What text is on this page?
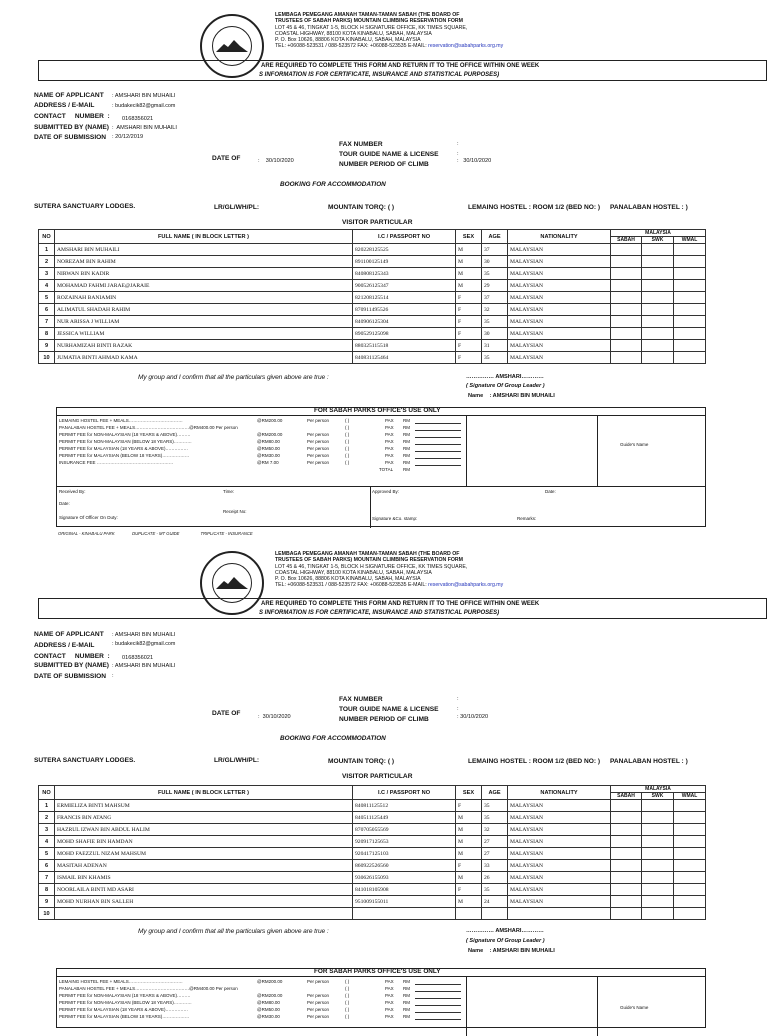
LEMBAGA PEMEGANG AMANAH TAMAN-TAMAN SABAH (THE BOARD OF
TRUSTEES OF SABAH PARKS) MOUNTAIN CLIMBING RESERVATION FORM
LOT 45 & 46, TINGKAT 1-5, BLOCK H SIGNATURE OFFICE, KK TIMES SQUARE,
COASTAL HIGHWAY, 88100 KOTA KINABALU, SABAH, MALAYSIA
P. O. Box 10626, 88806 KOTA KINABALU, SABAH, MALAYSIA
TEL: +06088-523531 / 088-523572 FAX: +06088-523535 E-MAIL: reservation@sabahparks.org.my
ARE REQUIRED TO COMPLETE THIS FORM AND RETURN IT TO THE OFFICE WITHIN ONE WEEK
S INFORMATION IS FOR CERTIFICATE, INSURANCE AND STATISTICAL PURPOSES)
NAME OF APPLICANT : AMSHARI BIN MUHAILI
ADDRESS / E-MAIL	: budakecik82@gmail.com
CONTACT NUMBER  : 0168356021
SUBMITTED BY (NAME) :  AMSHARI BIN MUHAILI
DATE OF SUBMISSION : 20/12/2019
FAX NUMBER	:
DATE OF	:    30/10/2020
TOUR GUIDE NAME & LICENSE	:
NUMBER PERIOD OF CLIMB	:   30/10/2020
BOOKING FOR ACCOMMODATION
SUTERA SANCTUARY LODGES.	LR/GL/WH/PL:	MOUNTAIN TORQ: ( )	LEMAING HOSTEL : ROOM 1/2 (BED NO: ) PANALABAN HOSTEL : )
VISITOR PARTICULAR
NO	FULL NAME ( IN BLOCK LETTER )	I.C / PASSPORT NO	SEX	AGE	NATIONALITY	MALAYSIA		
						SABAH	SWK	WMAL
1	AMSHARI BIN MUHAILI	820228125525	M	37	MALAYSIAN			
2	NOREZAM BIN RAHIM	891100125149	M	30	MALAYSIAN			
3	NIRWAN BIN KADIR	840808125343	M	35	MALAYSIAN			
4	MOHAMAD FAHMI JARAE@JARAIE	900526125347	M	29	MALAYSIAN			
5	ROZAINAH BANIAMIN	821208125514	F	37	MALAYSIAN			
6	ALIMATUL SHADAH RAHIM	870911495526	F	32	MALAYSIAN			
7	NUR ARISSA J WILLIAM	840906125304	F	35	MALAYSIAN			
8	JESSICA WILLIAM	890529125098	F	30	MALAYSIAN			
9	NURHAMIZAH BINTI RAZAK	880325115518	F	31	MALAYSIAN			
10	JUMATIA BINTI AHMAD KAMA	840831125464	F	35	MALAYSIAN			
My group and I confirm that all the particulars given above are true :	…………… AMSHARI…………
( Signature Of Group Leader )
Name : AMSHARI BIN MUHAILI
FOR SABAH PARKS OFFICE'S USE ONLY
LEMAING HOSTEL FEE + MEALS………………………………	@RM200.00	Per person	( )	PAX RM
PANALABAN HOSTEL FEE + MEALS………………………………@RM400.00 Per person	( )	PAX RM
PERMIT FEE for NON-MALAYSIAN (18 YEARS & ABOVE)………	@RM200.00	Per person	( )	PAX RM
PERMIT FEE for NON-MALAYSIAN (BELOW 18 YEARS)…………	@RM80.00	Per person	( )	PAX RM
PERMIT FEE for MALAYSIAN (18 YEARS & ABOVE)……………	@RM50.00	Per person	( )	PAX RM
PERMIT FEE for MALAYSIAN (BELOW 18 YEARS)………………	@RM30.00	Per person	( )	PAX RM
INSURANCE FEE ……………………………………………	@RM 7.00	Per person	( )	PAX RM
TOTAL RM
Guide's Name
Received By:	Time:
Date:
Receipt No:
Signature Of Officer On Duty:
Approved By:	Date:
Signature &Co. stamp:	Remarks:
ORIGINAL - KINABALU PARK	DUPLICATE - MT GUIDE	TRIPLICATE - INSURANCE
LEMBAGA PEMEGANG AMANAH TAMAN-TAMAN SABAH (THE BOARD OF
TRUSTEES OF SABAH PARKS) MOUNTAIN CLIMBING RESERVATION FORM
LOT 45 & 46, TINGKAT 1-5, BLOCK H SIGNATURE OFFICE, KK TIMES SQUARE,
COASTAL HIGHWAY, 88100 KOTA KINABALU, SABAH, MALAYSIA
P. O. Box 10626, 88806 KOTA KINABALU, SABAH, MALAYSIA
TEL: +06088-523531 / 088-523572 FAX: +06088-523535 E-MAIL: reservation@sabahparks.org.my
ARE REQUIRED TO COMPLETE THIS FORM AND RETURN IT TO THE OFFICE WITHIN ONE WEEK
S INFORMATION IS FOR CERTIFICATE, INSURANCE AND STATISTICAL PURPOSES)
NAME OF APPLICANT : AMSHARI BIN MUHAILI
ADDRESS / E-MAIL	: budakecik82@gmail.com
CONTACT NUMBER  : 0168356021
SUBMITTED BY (NAME) : AMSHARI BIN MUHAILI
DATE OF SUBMISSION :
FAX NUMBER	:
DATE OF	:  30/10/2020
TOUR GUIDE NAME & LICENSE	:
NUMBER PERIOD OF CLIMB	: 30/10/2020
BOOKING FOR ACCOMMODATION
SUTERA SANCTUARY LODGES.	LR/GL/WH/PL:	MOUNTAIN TORQ: ( )	LEMAING HOSTEL : ROOM 1/2 (BED NO: ) PANALABAN HOSTEL : )
VISITOR PARTICULAR
NO	FULL NAME ( IN BLOCK LETTER )	I.C / PASSPORT NO	SEX	AGE	NATIONALITY	MALAYSIA		
						SABAH	SWK	WMAL
1	ERMIELIZA BINTI MAHSUM	840811125512	F	35	MALAYSIAN			
2	FRANCIS BIN ATANG	840511125449	M	35	MALAYSIAN			
3	HAZRUL IZWAN BIN ABDUL HALIM	870705055569	M	32	MALAYSIAN			
4	MOHD SHAFIE BIN HAMDAN	920917125653	M	27	MALAYSIAN			
5	MOHD FAEZZUL NIZAM MAHSUM	920417125103	M	27	MALAYSIAN			
6	MASITAH ADENAN	860922526560	F	33	MALAYSIAN			
7	ISMAIL BIN KHAMIS	930626155093	M	26	MALAYSIAN			
8	NOORLAILA BINTI MD ASARI	841018105908	F	35	MALAYSIAN			
9	MOHD NURHAN BIN SALLEH	951009155011	M	24	MALAYSIAN			
10								
My group and I confirm that all the particulars given above are true :	…………… AMSHARI…………
( Signature Of Group Leader )
Name : AMSHARI BIN MUHAILI
FOR SABAH PARKS OFFICE'S USE ONLY
LEMAING HOSTEL FEE + MEALS………………………………	@RM200.00	Per person	( )	PAX RM
PANALABAN HOSTEL FEE + MEALS………………………………@RM400.00 Per person	( )	PAX RM
PERMIT FEE for NON-MALAYSIAN (18 YEARS & ABOVE)………	@RM200.00	Per person	( )	PAX RM
PERMIT FEE for NON-MALAYSIAN (BELOW 18 YEARS)…………	@RM80.00	Per person	( )	PAX RM
PERMIT FEE for MALAYSIAN (18 YEARS & ABOVE)……………	@RM50.00	Per person	( )	PAX RM
PERMIT FEE for MALAYSIAN (BELOW 18 YEARS)………………	@RM30.00	Per person	( )	PAX RM
Guide's Name
